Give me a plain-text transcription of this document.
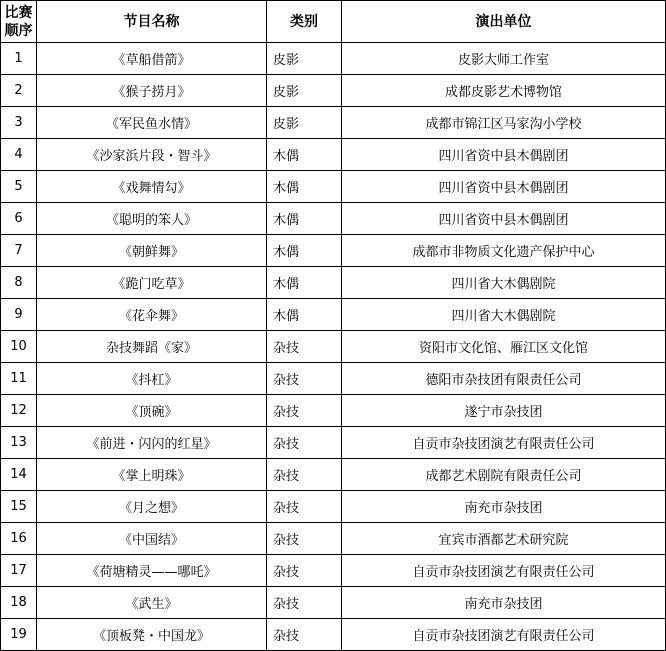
比赛顺序	节目名称	类别	演出单位
1	《草船借箭》	皮影	皮影大师工作室
2	《猴子捞月》	皮影	成都皮影艺术博物馆
3	《军民鱼水情》	皮影	成都市锦江区马家沟小学校
4	《沙家浜片段・智斗》	木偶	四川省资中县木偶剧团
5	《戏舞情勾》	木偶	四川省资中县木偶剧团
6	《聪明的笨人》	木偶	四川省资中县木偶剧团
7	《朝鲜舞》	木偶	成都市非物质文化遗产保护中心
8	《跪门吃草》	木偶	四川省大木偶剧院
9	《花伞舞》	木偶	四川省大木偶剧院
10	杂技舞蹈《家》	杂技	资阳市文化馆、雁江区文化馆
11	《抖杠》	杂技	德阳市杂技团有限责任公司
12	《顶碗》	杂技	遂宁市杂技团
13	《前进・闪闪的红星》	杂技	自贡市杂技团演艺有限责任公司
14	《掌上明珠》	杂技	成都艺术剧院有限责任公司
15	《月之想》	杂技	南充市杂技团
16	《中国结》	杂技	宜宾市酒都艺术研究院
17	《荷塘精灵——哪吒》	杂技	自贡市杂技团演艺有限责任公司
18	《武生》	杂技	南充市杂技团
19	《顶板凳・中国龙》	杂技	自贡市杂技团演艺有限责任公司
